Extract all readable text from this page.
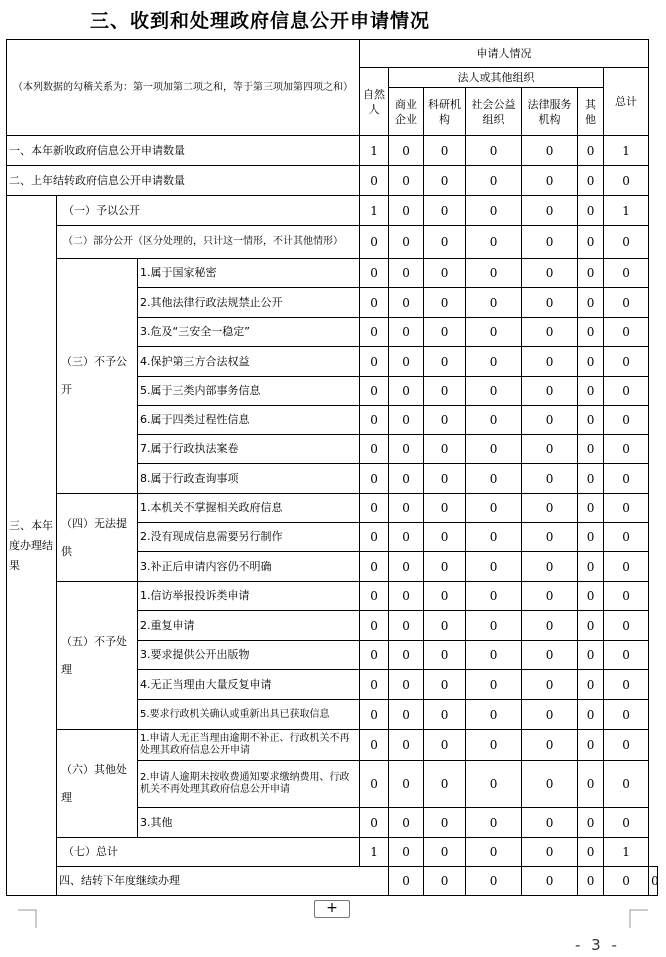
三、收到和处理政府信息公开申请情况
（本列数据的勾稽关系为：第一项加第二项之和，等于第三项加第四项之和）			申请人情况							
			自然人	法人或其他组织					总计	
				商业企业	科研机构	社会公益组织	法律服务机构	其他		
一、本年新收政府信息公开申请数量			1	0	0	0	0	0	1	
二、上年结转政府信息公开申请数量			0	0	0	0	0	0	0	
三、本年度办理结果	（一）予以公开		1	0	0	0	0	0	1	
	（二）部分公开（区分处理的，只计这一情形，不计其他情形）		0	0	0	0	0	0	0	
	（三）不予公开	1.属于国家秘密	0	0	0	0	0	0	0	
		2.其他法律行政法规禁止公开	0	0	0	0	0	0	0	
		3.危及“三安全一稳定”	0	0	0	0	0	0	0	
		4.保护第三方合法权益	0	0	0	0	0	0	0	
		5.属于三类内部事务信息	0	0	0	0	0	0	0	
		6.属于四类过程性信息	0	0	0	0	0	0	0	
		7.属于行政执法案卷	0	0	0	0	0	0	0	
		8.属于行政查询事项	0	0	0	0	0	0	0	
	（四）无法提供	1.本机关不掌握相关政府信息	0	0	0	0	0	0	0	
		2.没有现成信息需要另行制作	0	0	0	0	0	0	0	
		3.补正后申请内容仍不明确	0	0	0	0	0	0	0	
	（五）不予处理	1.信访举报投诉类申请	0	0	0	0	0	0	0	
		2.重复申请	0	0	0	0	0	0	0	
		3.要求提供公开出版物	0	0	0	0	0	0	0	
		4.无正当理由大量反复申请	0	0	0	0	0	0	0	
		5.要求行政机关确认或重新出具已获取信息	0	0	0	0	0	0	0	
	（六）其他处理	1.申请人无正当理由逾期不补正、行政机关不再处理其政府信息公开申请	0	0	0	0	0	0	0	
		2.申请人逾期未按收费通知要求缴纳费用、行政机关不再处理其政府信息公开申请	0	0	0	0	0	0	0	
		3.其他	0	0	0	0	0	0	0	
	（七）总计		1	0	0	0	0	0	1	
	四、结转下年度继续办理			0	0	0	0	0	0	0
+
- 3 -
